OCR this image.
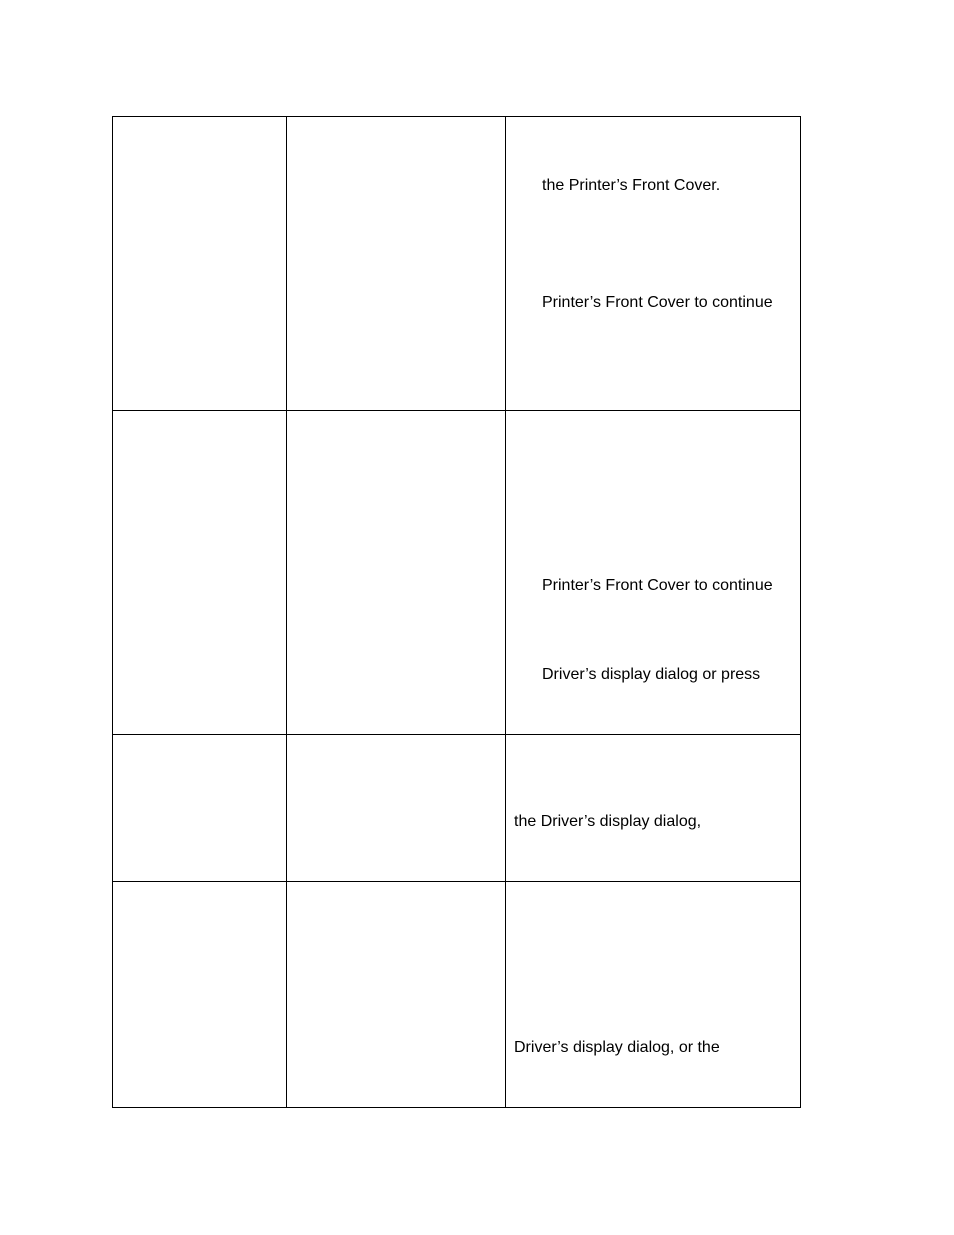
		the Printer’s Front Cover.
Printer’s Front Cover to continue

		Printer’s Front Cover to continue
Driver’s display dialog or press

		the Driver’s display dialog,

		Driver’s display dialog, or the
